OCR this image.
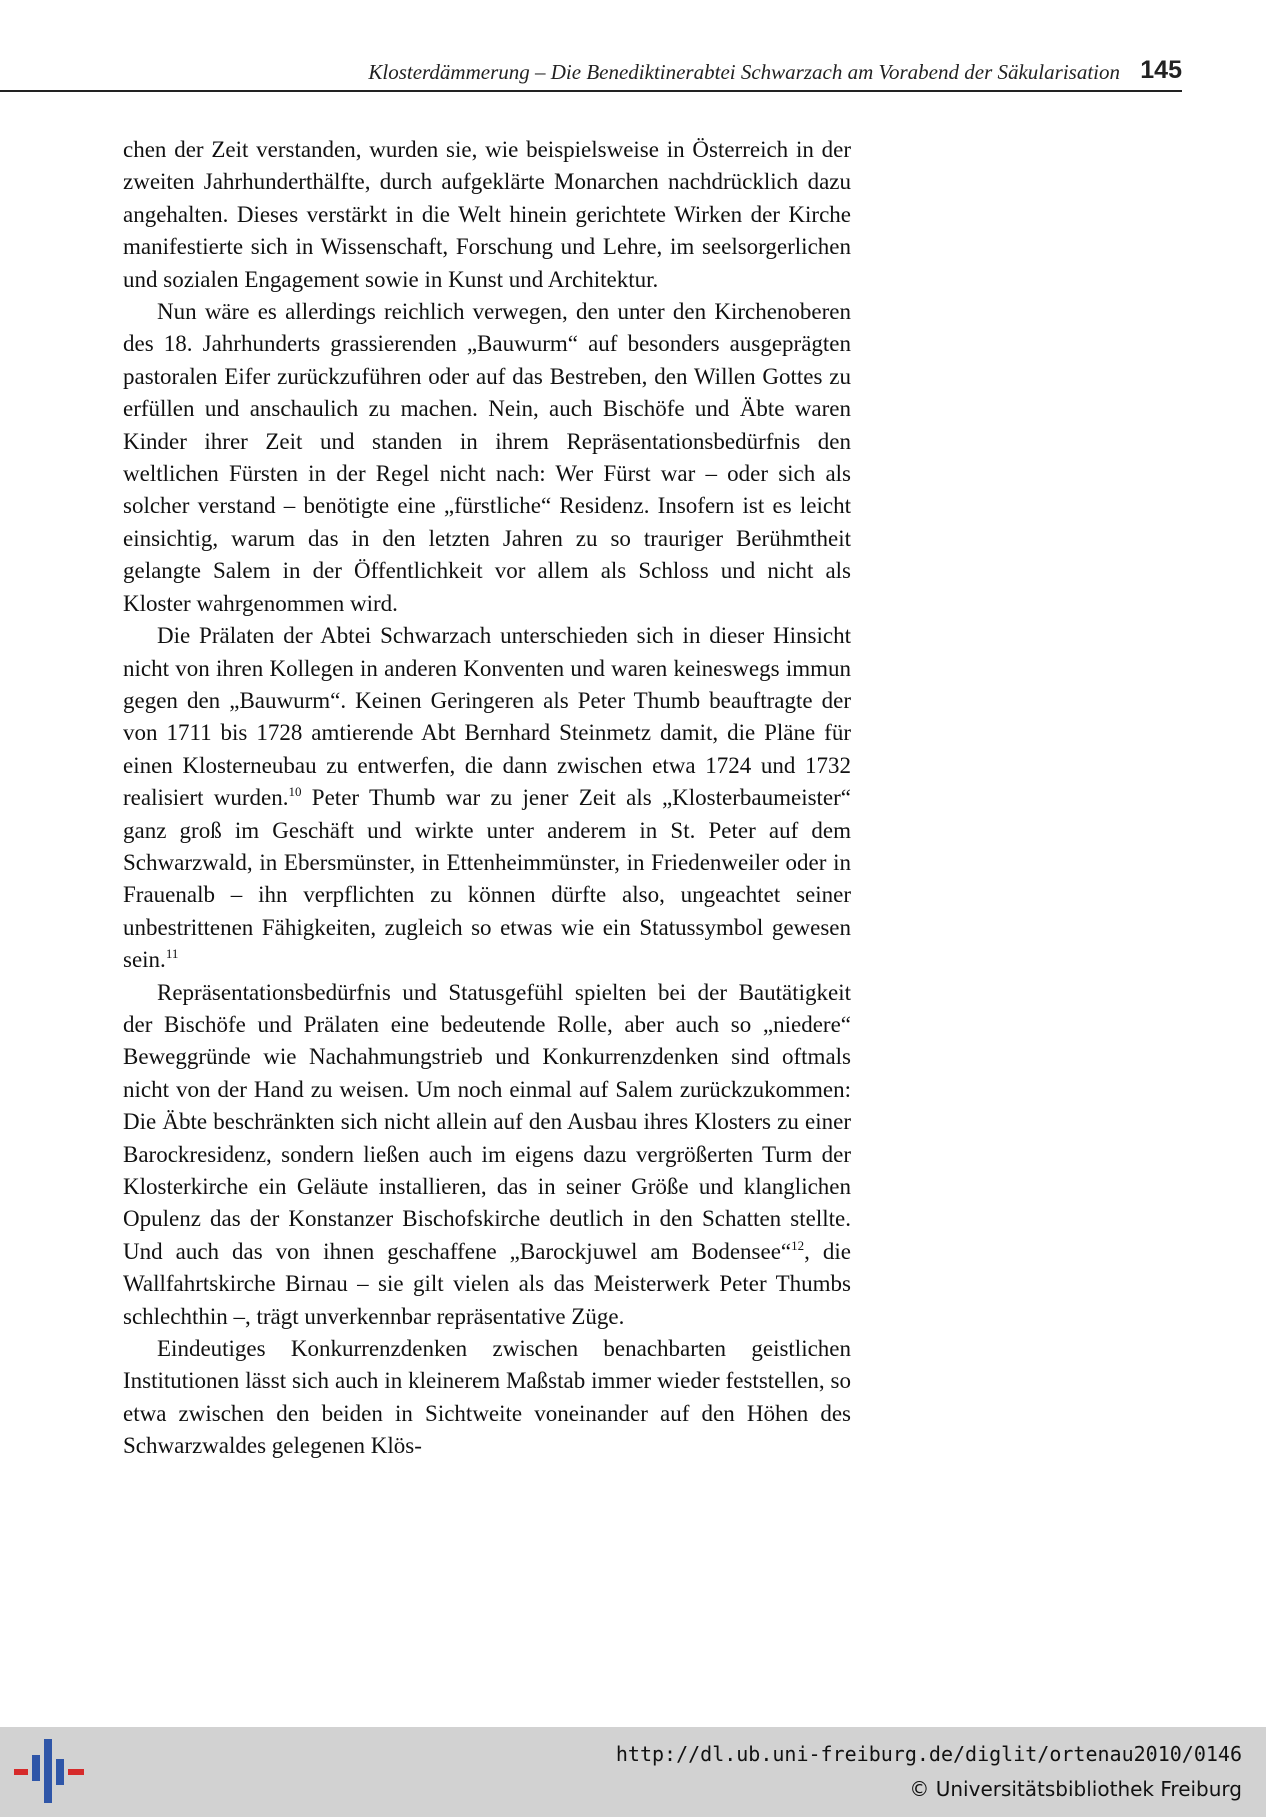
Klosterdämmerung – Die Benediktinerabtei Schwarzach am Vorabend der Säkularisation 145

chen der Zeit verstanden, wurden sie, wie beispielsweise in Österreich in der zweiten Jahrhunderthälfte, durch aufgeklärte Monarchen nachdrücklich dazu angehalten. Dieses verstärkt in die Welt hinein gerichtete Wirken der Kirche manifestierte sich in Wissenschaft, Forschung und Lehre, im seelsorgerlichen und sozialen Engagement sowie in Kunst und Architektur.

Nun wäre es allerdings reichlich verwegen, den unter den Kirchenoberen des 18. Jahrhunderts grassierenden „Bauwurm“ auf besonders ausgeprägten pastoralen Eifer zurückzuführen oder auf das Bestreben, den Willen Gottes zu erfüllen und anschaulich zu machen. Nein, auch Bischöfe und Äbte waren Kinder ihrer Zeit und standen in ihrem Repräsentationsbedürfnis den weltlichen Fürsten in der Regel nicht nach: Wer Fürst war – oder sich als solcher verstand – benötigte eine „fürstliche“ Residenz. Insofern ist es leicht einsichtig, warum das in den letzten Jahren zu so trauriger Berühmtheit gelangte Salem in der Öffentlichkeit vor allem als Schloss und nicht als Kloster wahrgenommen wird.

Die Prälaten der Abtei Schwarzach unterschieden sich in dieser Hinsicht nicht von ihren Kollegen in anderen Konventen und waren keineswegs immun gegen den „Bauwurm“. Keinen Geringeren als Peter Thumb beauftragte der von 1711 bis 1728 amtierende Abt Bernhard Steinmetz damit, die Pläne für einen Klosterneubau zu entwerfen, die dann zwischen etwa 1724 und 1732 realisiert wurden.$^{10}$ Peter Thumb war zu jener Zeit als „Klosterbaumeister“ ganz groß im Geschäft und wirkte unter anderem in St. Peter auf dem Schwarzwald, in Ebersmünster, in Ettenheimmünster, in Friedenweiler oder in Frauenalb – ihn verpflichten zu können dürfte also, ungeachtet seiner unbestrittenen Fähigkeiten, zugleich so etwas wie ein Statussymbol gewesen sein.$^{11}$

Repräsentationsbedürfnis und Statusgefühl spielten bei der Bautätigkeit der Bischöfe und Prälaten eine bedeutende Rolle, aber auch so „niedere“ Beweggründe wie Nachahmungstrieb und Konkurrenzdenken sind oftmals nicht von der Hand zu weisen. Um noch einmal auf Salem zurückzukommen: Die Äbte beschränkten sich nicht allein auf den Ausbau ihres Klosters zu einer Barockresidenz, sondern ließen auch im eigens dazu vergrößerten Turm der Klosterkirche ein Geläute installieren, das in seiner Größe und klanglichen Opulenz das der Konstanzer Bischofskirche deutlich in den Schatten stellte. Und auch das von ihnen geschaffene „Barockjuwel am Bodensee“$^{12}$, die Wallfahrtskirche Birnau – sie gilt vielen als das Meisterwerk Peter Thumbs schlechthin –, trägt unverkennbar repräsentative Züge.

Eindeutiges Konkurrenzdenken zwischen benachbarten geistlichen Institutionen lässt sich auch in kleinerem Maßstab immer wieder feststellen, so etwa zwischen den beiden in Sichtweite voneinander auf den Höhen des Schwarzwaldes gelegenen Klös-

http://dl.ub.uni-freiburg.de/diglit/ortenau2010/0146
© Universitätsbibliothek Freiburg
